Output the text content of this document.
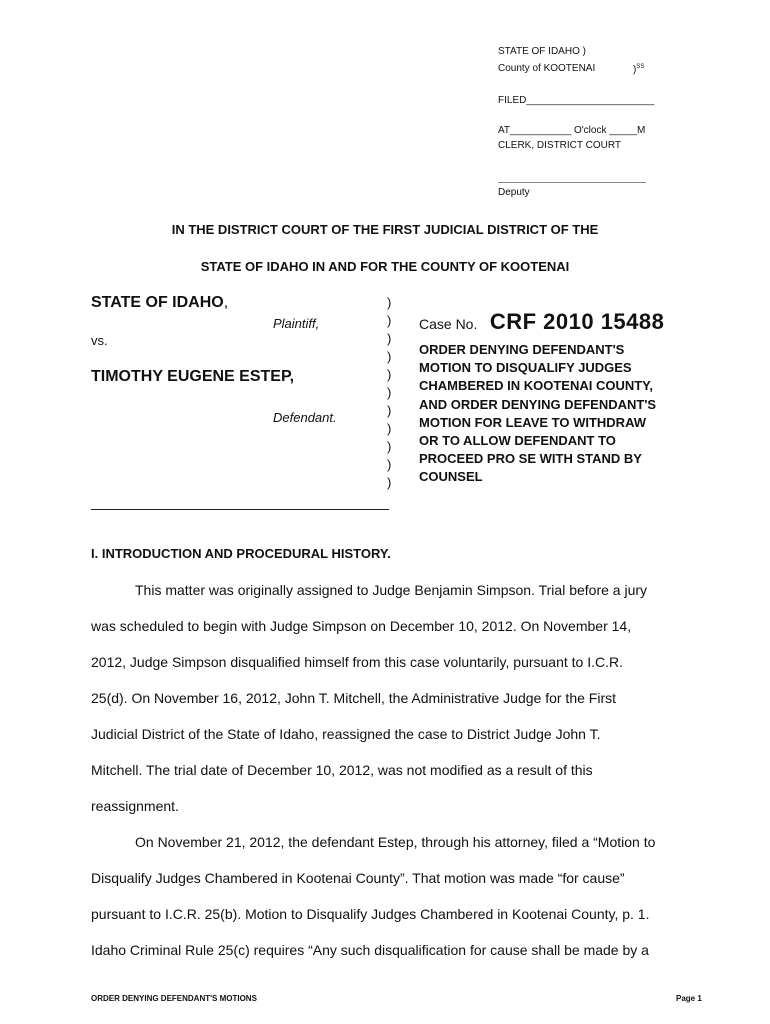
STATE OF IDAHO )
County of KOOTENAI	)$^{SS}$
FILED_______________________
AT___________ O'clock _____M
CLERK, DISTRICT COURT
Deputy
IN THE DISTRICT COURT OF THE FIRST JUDICIAL DISTRICT OF THE
STATE OF IDAHO IN AND FOR THE COUNTY OF KOOTENAI
STATE OF IDAHO,
Plaintiff,
vs.
TIMOTHY EUGENE ESTEP,
Defendant.
)
)
)
)
)
)
)
)
)
)
)
Case No. CRF 2010 15488
ORDER DENYING DEFENDANT'S
MOTION TO DISQUALIFY JUDGES
CHAMBERED IN KOOTENAI COUNTY,
AND ORDER DENYING DEFENDANT'S
MOTION FOR LEAVE TO WITHDRAW
OR TO ALLOW DEFENDANT TO
PROCEED PRO SE WITH STAND BY
COUNSEL
I. INTRODUCTION AND PROCEDURAL HISTORY.
This matter was originally assigned to Judge Benjamin Simpson. Trial before a jury
was scheduled to begin with Judge Simpson on December 10, 2012. On November 14,
2012, Judge Simpson disqualified himself from this case voluntarily, pursuant to I.C.R.
25(d). On November 16, 2012, John T. Mitchell, the Administrative Judge for the First
Judicial District of the State of Idaho, reassigned the case to District Judge John T.
Mitchell. The trial date of December 10, 2012, was not modified as a result of this
reassignment.
On November 21, 2012, the defendant Estep, through his attorney, filed a “Motion to
Disqualify Judges Chambered in Kootenai County”. That motion was made “for cause”
pursuant to I.C.R. 25(b). Motion to Disqualify Judges Chambered in Kootenai County, p. 1.
Idaho Criminal Rule 25(c) requires “Any such disqualification for cause shall be made by a
ORDER DENYING DEFENDANT'S MOTIONS	Page 1
